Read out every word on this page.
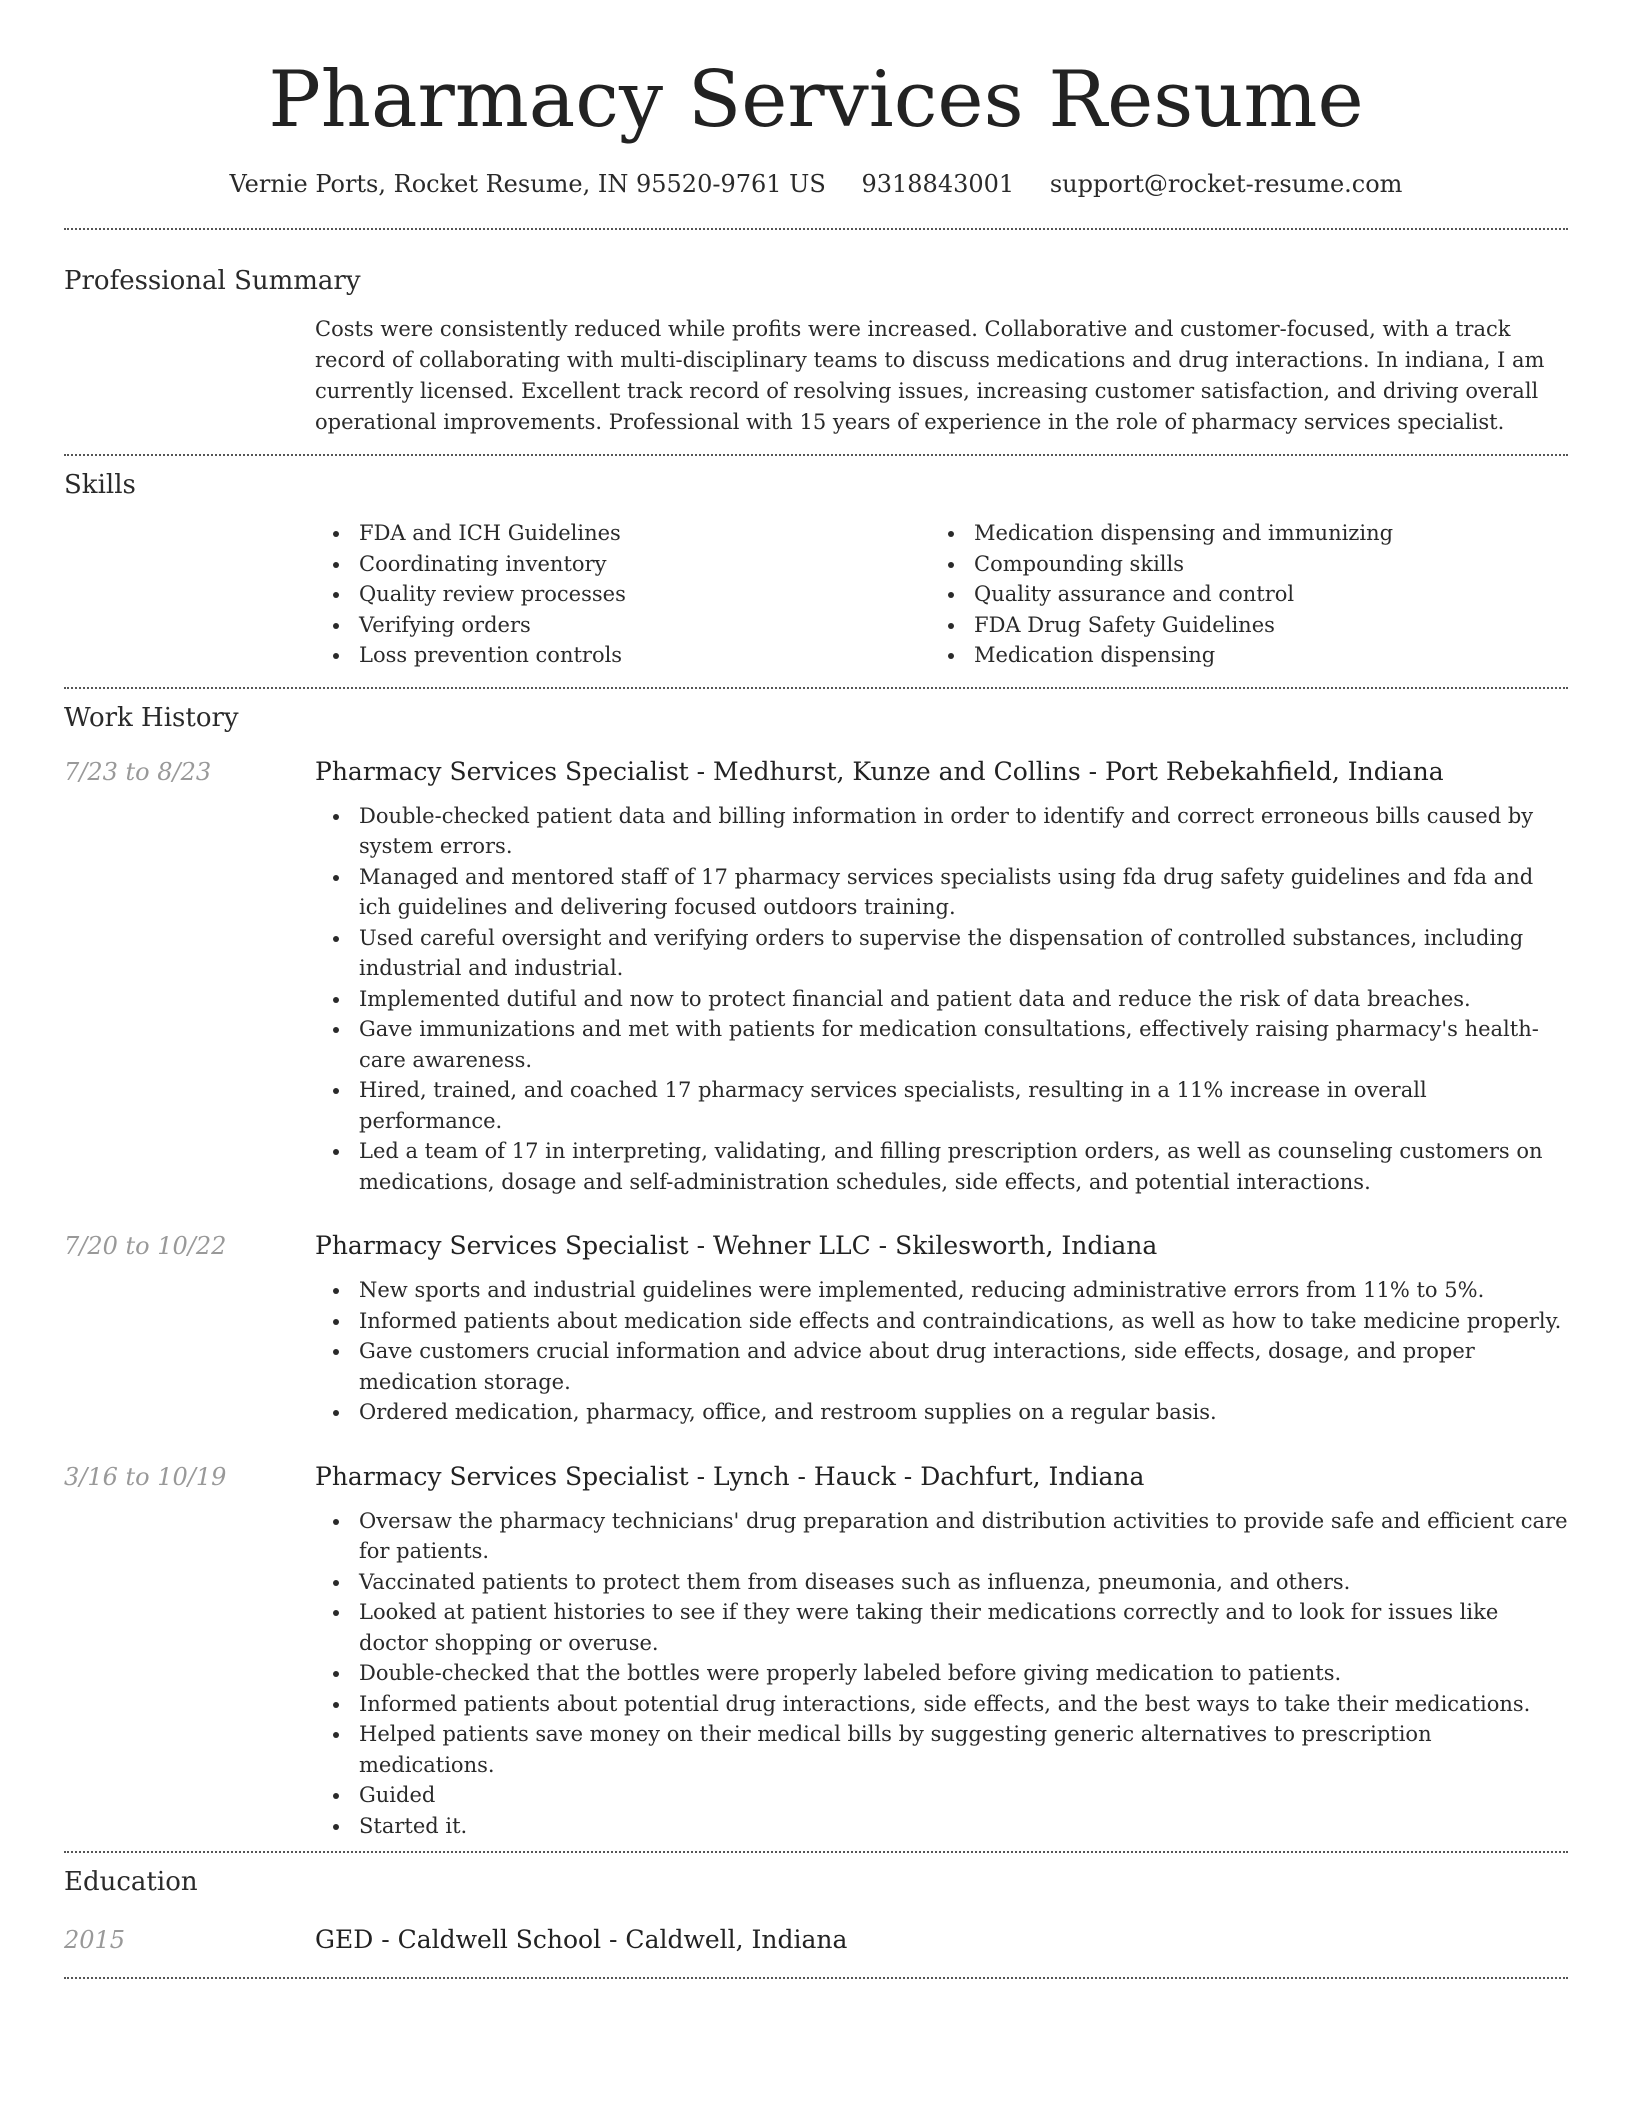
Pharmacy Services Resume
Vernie Ports, Rocket Resume, IN 95520-9761 US 9318843001 support@rocket-resume.com
Professional Summary

Costs were consistently reduced while profits were increased. Collaborative and customer-focused, with a track record of collaborating with multi-disciplinary teams to discuss medications and drug interactions. In indiana, I am currently licensed. Excellent track record of resolving issues, increasing customer satisfaction, and driving overall operational improvements. Professional with 15 years of experience in the role of pharmacy services specialist.

Skills
FDA and ICH Guidelines
Coordinating inventory
Quality review processes
Verifying orders
Loss prevention controls
Medication dispensing and immunizing
Compounding skills
Quality assurance and control
FDA Drug Safety Guidelines
Medication dispensing
Work History
7/23 to 8/23	Pharmacy Services Specialist - Medhurst, Kunze and Collins - Port Rebekahfield, Indiana
Double-checked patient data and billing information in order to identify and correct erroneous bills caused by system errors.
Managed and mentored staff of 17 pharmacy services specialists using fda drug safety guidelines and fda and ich guidelines and delivering focused outdoors training.
Used careful oversight and verifying orders to supervise the dispensation of controlled substances, including industrial and industrial.
Implemented dutiful and now to protect financial and patient data and reduce the risk of data breaches.
Gave immunizations and met with patients for medication consultations, effectively raising pharmacy's health-care awareness.
Hired, trained, and coached 17 pharmacy services specialists, resulting in a 11% increase in overall performance.
Led a team of 17 in interpreting, validating, and filling prescription orders, as well as counseling customers on medications, dosage and self-administration schedules, side effects, and potential interactions.
7/20 to 10/22	Pharmacy Services Specialist - Wehner LLC - Skilesworth, Indiana
New sports and industrial guidelines were implemented, reducing administrative errors from 11% to 5%.
Informed patients about medication side effects and contraindications, as well as how to take medicine properly.
Gave customers crucial information and advice about drug interactions, side effects, dosage, and proper medication storage.
Ordered medication, pharmacy, office, and restroom supplies on a regular basis.
3/16 to 10/19	Pharmacy Services Specialist - Lynch - Hauck - Dachfurt, Indiana
Oversaw the pharmacy technicians' drug preparation and distribution activities to provide safe and efficient care for patients.
Vaccinated patients to protect them from diseases such as influenza, pneumonia, and others.
Looked at patient histories to see if they were taking their medications correctly and to look for issues like doctor shopping or overuse.
Double-checked that the bottles were properly labeled before giving medication to patients.
Informed patients about potential drug interactions, side effects, and the best ways to take their medications.
Helped patients save money on their medical bills by suggesting generic alternatives to prescription medications.
Guided
Started it.
Education
2015	GED - Caldwell School - Caldwell, Indiana
